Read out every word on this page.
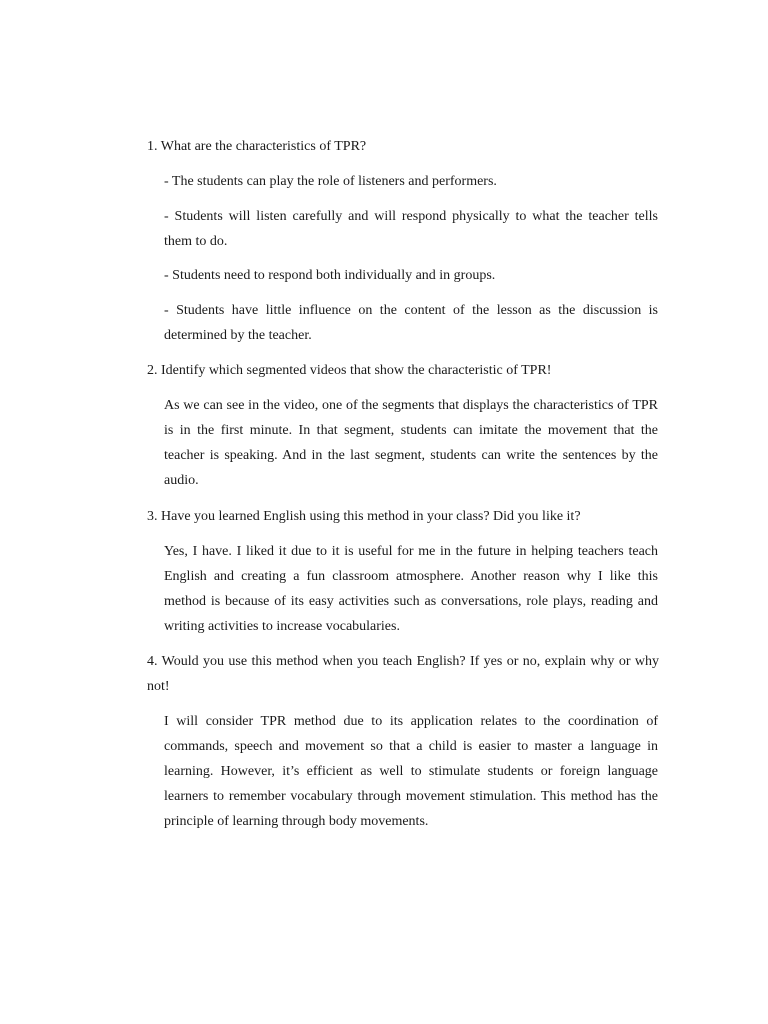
1. What are the characteristics of TPR?

- The students can play the role of listeners and performers.

- Students will listen carefully and will respond physically to what the teacher tells them to do.

- Students need to respond both individually and in groups.

- Students have little influence on the content of the lesson as the discussion is determined by the teacher.

2. Identify which segmented videos that show the characteristic of TPR!

As we can see in the video, one of the segments that displays the characteristics of TPR is in the first minute. In that segment, students can imitate the movement that the teacher is speaking. And in the last segment, students can write the sentences by the audio.

3. Have you learned English using this method in your class? Did you like it?

Yes, I have. I liked it due to it is useful for me in the future in helping teachers teach English and creating a fun classroom atmosphere. Another reason why I like this method is because of its easy activities such as conversations, role plays, reading and writing activities to increase vocabularies.

4. Would you use this method when you teach English? If yes or no, explain why or why not!

I will consider TPR method due to its application relates to the coordination of commands, speech and movement so that a child is easier to master a language in learning. However, it’s efficient as well to stimulate students or foreign language learners to remember vocabulary through movement stimulation. This method has the principle of learning through body movements.
